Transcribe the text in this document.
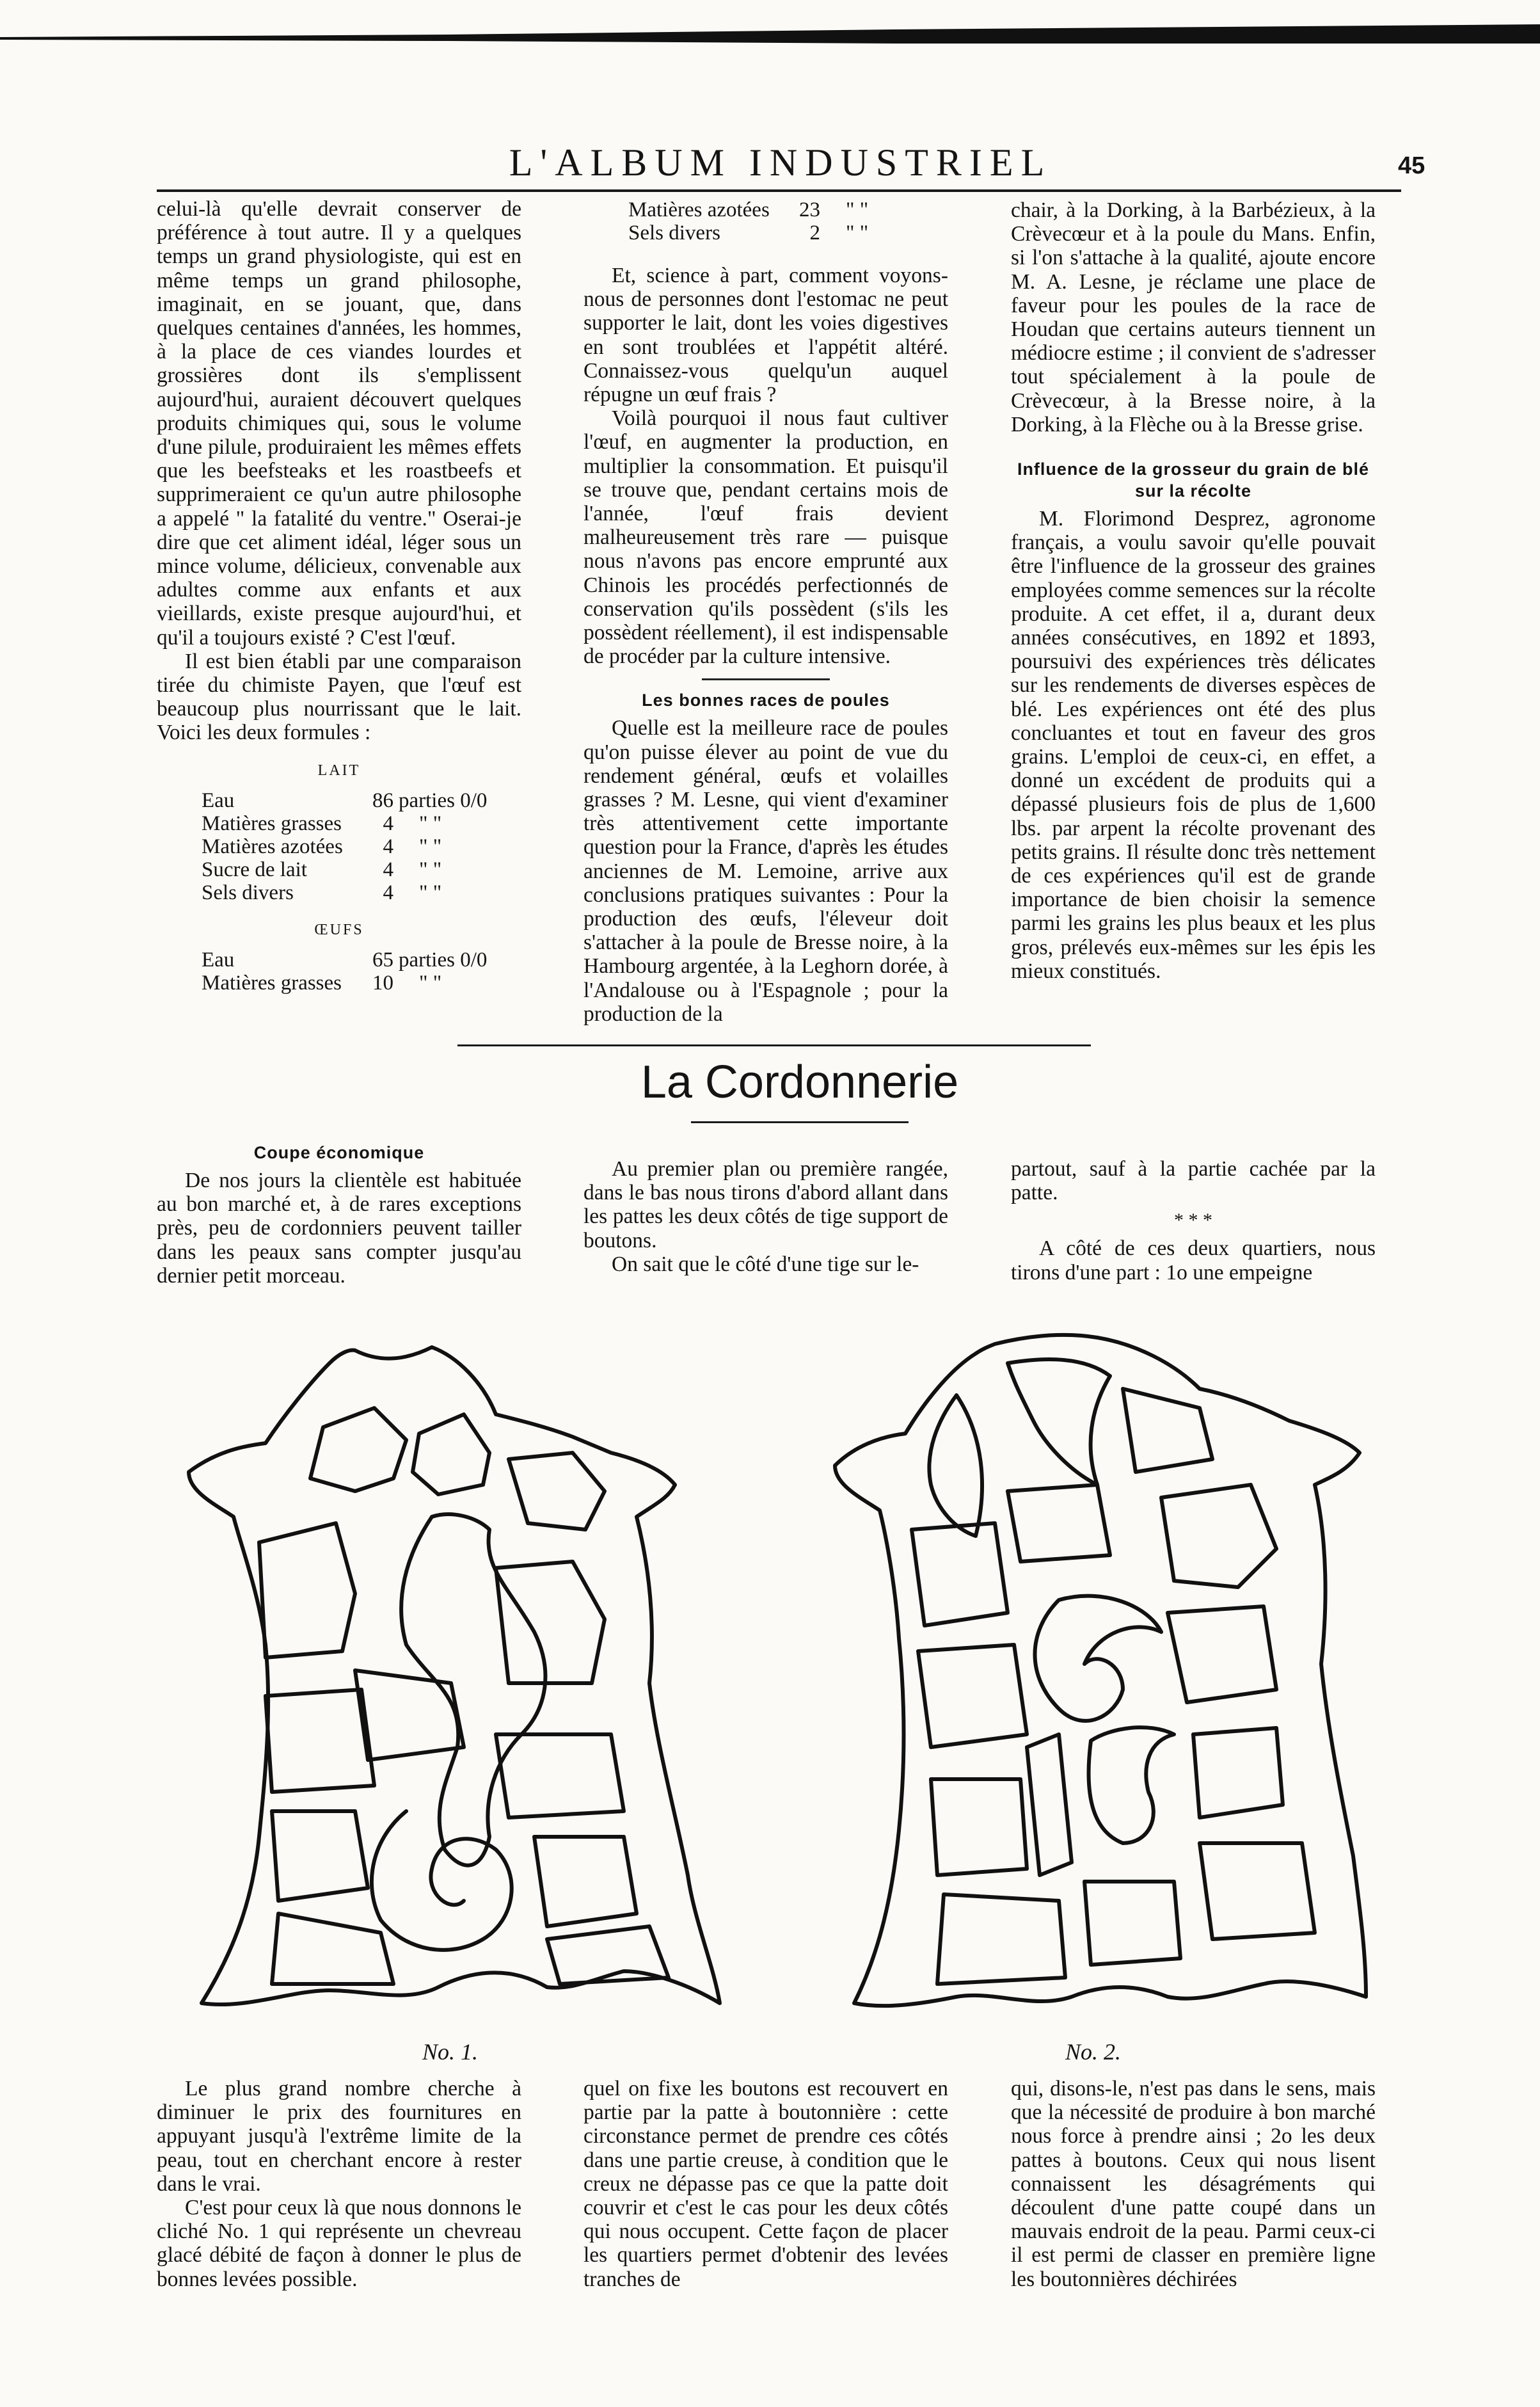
L'ALBUM INDUSTRIEL	45

celui-là qu'elle devrait conserver de préférence à tout autre. Il y a quelques temps un grand physiologiste, qui est en même temps un grand philosophe, imaginait, en se jouant, que, dans quelques centaines d'années, les hommes, à la place de ces viandes lourdes et grossières dont ils s'emplissent aujourd'hui, auraient découvert quelques produits chimiques qui, sous le volume d'une pilule, produiraient les mêmes effets que les beefsteaks et les roastbeefs et supprimeraient ce qu'un autre philosophe a appelé " la fatalité du ventre." Oserai-je dire que cet aliment idéal, léger sous un mince volume, délicieux, convenable aux adultes comme aux enfants et aux vieillards, existe presque aujourd'hui, et qu'il a toujours existé ? C'est l'œuf.

Il est bien établi par une comparaison tirée du chimiste Payen, que l'œuf est beaucoup plus nourrissant que le lait. Voici les deux formules :

LAIT
Eau	86	parties 0/0
Matières grasses	4	" "
Matières azotées	4	" "
Sucre de lait	4	" "
Sels divers	4	" "
ŒUFS
Eau	65	parties 0/0
Matières grasses	10	" "
Matières azotées	23	" "
Sels divers	2	" "

Et, science à part, comment voyons-nous de personnes dont l'estomac ne peut supporter le lait, dont les voies digestives en sont troublées et l'appétit altéré. Connaissez-vous quelqu'un auquel répugne un œuf frais ?

Voilà pourquoi il nous faut cultiver l'œuf, en augmenter la production, en multiplier la consommation. Et puisqu'il se trouve que, pendant certains mois de l'année, l'œuf frais devient malheureusement très rare — puisque nous n'avons pas encore emprunté aux Chinois les procédés perfectionnés de conservation qu'ils possèdent (s'ils les possèdent réellement), il est indispensable de procéder par la culture intensive.

Les bonnes races de poules

Quelle est la meilleure race de poules qu'on puisse élever au point de vue du rendement général, œufs et volailles grasses ? M. Lesne, qui vient d'examiner très attentivement cette importante question pour la France, d'après les études anciennes de M. Lemoine, arrive aux conclusions pratiques suivantes : Pour la production des œufs, l'éleveur doit s'attacher à la poule de Bresse noire, à la Hambourg argentée, à la Leghorn dorée, à l'Andalouse ou à l'Espagnole ; pour la production de la

chair, à la Dorking, à la Barbézieux, à la Crèvecœur et à la poule du Mans. Enfin, si l'on s'attache à la qualité, ajoute encore M. A. Lesne, je réclame une place de faveur pour les poules de la race de Houdan que certains auteurs tiennent un médiocre estime ; il convient de s'adresser tout spécialement à la poule de Crèvecœur, à la Bresse noire, à la Dorking, à la Flèche ou à la Bresse grise.

Influence de la grosseur du grain de blé sur la récolte

M. Florimond Desprez, agronome français, a voulu savoir qu'elle pouvait être l'influence de la grosseur des graines employées comme semences sur la récolte produite. A cet effet, il a, durant deux années consécutives, en 1892 et 1893, poursuivi des expériences très délicates sur les rendements de diverses espèces de blé. Les expériences ont été des plus concluantes et tout en faveur des gros grains. L'emploi de ceux-ci, en effet, a donné un excédent de produits qui a dépassé plusieurs fois de plus de 1,600 lbs. par arpent la récolte provenant des petits grains. Il résulte donc très nettement de ces expériences qu'il est de grande importance de bien choisir la semence parmi les grains les plus beaux et les plus gros, prélevés eux-mêmes sur les épis les mieux constitués.

La Cordonnerie
Coupe économique

De nos jours la clientèle est habituée au bon marché et, à de rares exceptions près, peu de cordonniers peuvent tailler dans les peaux sans compter jusqu'au dernier petit morceau.

Au premier plan ou première rangée, dans le bas nous tirons d'abord allant dans les pattes les deux côtés de tige support de boutons.

On sait que le côté d'une tige sur le-

partout, sauf à la partie cachée par la patte.

* * *

A côté de ces deux quartiers, nous tirons d'une part : 1o une empeigne

No. 1.	No. 2.

Le plus grand nombre cherche à diminuer le prix des fournitures en appuyant jusqu'à l'extrême limite de la peau, tout en cherchant encore à rester dans le vrai.

C'est pour ceux là que nous donnons le cliché No. 1 qui représente un chevreau glacé débité de façon à donner le plus de bonnes levées possible.

quel on fixe les boutons est recouvert en partie par la patte à boutonnière : cette circonstance permet de prendre ces côtés dans une partie creuse, à condition que le creux ne dépasse pas ce que la patte doit couvrir et c'est le cas pour les deux côtés qui nous occupent. Cette façon de placer les quartiers permet d'obtenir des levées tranches de

qui, disons-le, n'est pas dans le sens, mais que la nécessité de produire à bon marché nous force à prendre ainsi ; 2o les deux pattes à boutons. Ceux qui nous lisent connaissent les désagréments qui découlent d'une patte coupé dans un mauvais endroit de la peau. Parmi ceux-ci il est permi de classer en première ligne les boutonnières déchirées
